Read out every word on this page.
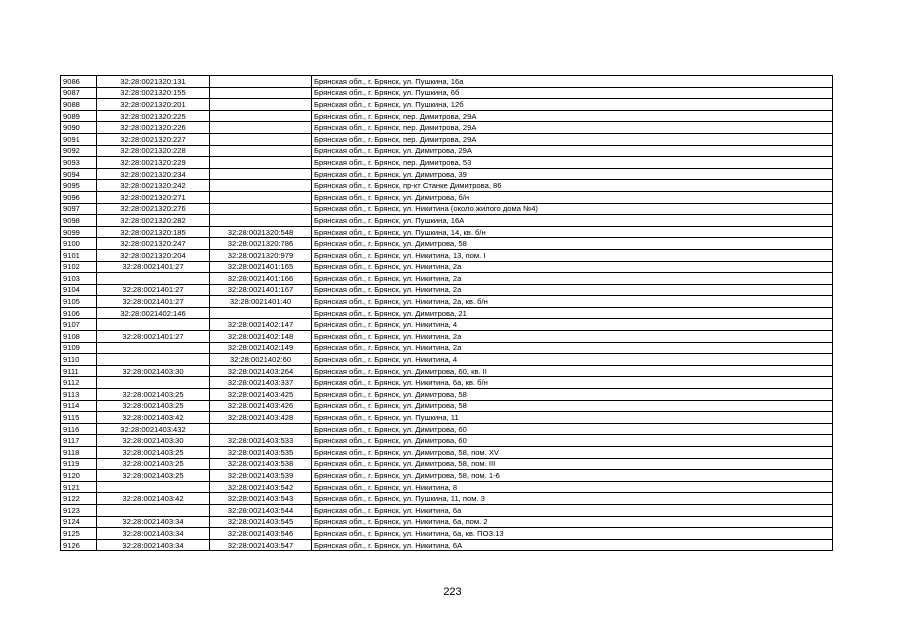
9086	32:28:0021320:131		Брянская обл., г. Брянск, ул. Пушкина, 16а
9087	32:28:0021320:155		Брянская обл., г. Брянск, ул. Пушкина, 6б
9088	32:28:0021320:201		Брянская обл., г. Брянск, ул. Пушкина, 12б
9089	32:28:0021320:225		Брянская обл., г. Брянск, пер. Димитрова, 29А
9090	32:28:0021320:226		Брянская обл., г. Брянск, пер. Димитрова, 29А
9091	32:28:0021320:227		Брянская обл., г. Брянск, пер. Димитрова, 29А
9092	32:28:0021320:228		Брянская обл., г. Брянск, ул. Димитрова, 29А
9093	32:28:0021320:229		Брянская обл., г. Брянск, пер. Димитрова, 53
9094	32:28:0021320:234		Брянская обл., г. Брянск, ул. Димитрова, 39
9095	32:28:0021320:242		Брянская обл., г. Брянск, пр-кт Станке Димитрова, 86
9096	32:28:0021320:271		Брянская обл., г. Брянск, ул. Димитрова, б/н
9097	32:28:0021320:276		Брянская обл., г. Брянск, ул. Никитина (около жилого дома №4)
9098	32:28:0021320:282		Брянская обл., г. Брянск, ул. Пушкина, 16А
9099	32:28:0021320:185	32:28:0021320:548	Брянская обл., г. Брянск, ул. Пушкина, 14, кв. б/н
9100	32:28:0021320:247	32:28:0021320:786	Брянская обл., г. Брянск, ул. Димитрова, 58
9101	32:28:0021320:204	32:28:0021320:979	Брянская обл., г. Брянск, ул. Никитина, 13, пом. I
9102	32:28:0021401:27	32:28:0021401:165	Брянская обл., г. Брянск, ул. Никитина, 2а
9103		32:28:0021401:166	Брянская обл., г. Брянск, ул. Никитина, 2а
9104	32:28:0021401:27	32:28:0021401:167	Брянская обл., г. Брянск, ул. Никитина, 2а
9105	32:28:0021401:27	32:28:0021401:40	Брянская обл., г. Брянск, ул. Никитина, 2а, кв. б/н
9106	32:28:0021402:146		Брянская обл., г. Брянск, ул. Димитрова, 21
9107		32:28:0021402:147	Брянская обл., г. Брянск, ул. Никитина, 4
9108	32:28:0021401:27	32:28:0021402:148	Брянская обл., г. Брянск, ул. Никитина, 2а
9109		32:28:0021402:149	Брянская обл., г. Брянск, ул. Никитина, 2а
9110		32:28:0021402:60	Брянская обл., г. Брянск, ул. Никитина, 4
9111	32:28:0021403:30	32:28:0021403:264	Брянская обл., г. Брянск, ул. Димитрова, 60, кв. II
9112		32:28:0021403:337	Брянская обл., г. Брянск, ул. Никитина, 6а, кв. б/н
9113	32:28:0021403:25	32:28:0021403:425	Брянская обл., г. Брянск, ул. Димитрова, 58
9114	32:28:0021403:25	32:28:0021403:426	Брянская обл., г. Брянск, ул. Димитрова, 58
9115	32:28:0021403:42	32:28:0021403:428	Брянская обл., г. Брянск, ул. Пушкина, 11
9116	32:28:0021403:432		Брянская обл., г. Брянск, ул. Димитрова, 60
9117	32:28:0021403:30	32:28:0021403:533	Брянская обл., г. Брянск, ул. Димитрова, 60
9118	32:28:0021403:25	32:28:0021403:535	Брянская обл., г. Брянск, ул. Димитрова, 58, пом. XV
9119	32:28:0021403:25	32:28:0021403:538	Брянская обл., г. Брянск, ул. Димитрова, 58, пом. III
9120	32:28:0021403:25	32:28:0021403:539	Брянская обл., г. Брянск, ул. Димитрова, 58, пом. 1-6
9121		32:28:0021403:542	Брянская обл., г. Брянск, ул. Никитина, 8
9122	32:28:0021403:42	32:28:0021403:543	Брянская обл., г. Брянск, ул. Пушкина, 11, пом. 3
9123		32:28:0021403:544	Брянская обл., г. Брянск, ул. Никитина, 6а
9124	32:28:0021403:34	32:28:0021403:545	Брянская обл., г. Брянск, ул. Никитина, 6а, пом. 2
9125	32:28:0021403:34	32:28:0021403:546	Брянская обл., г. Брянск, ул. Никитина, 6а, кв. ПОЗ.13
9126	32:28:0021403:34	32:28:0021403:547	Брянская обл., г. Брянск, ул. Никитина, 6А
223
